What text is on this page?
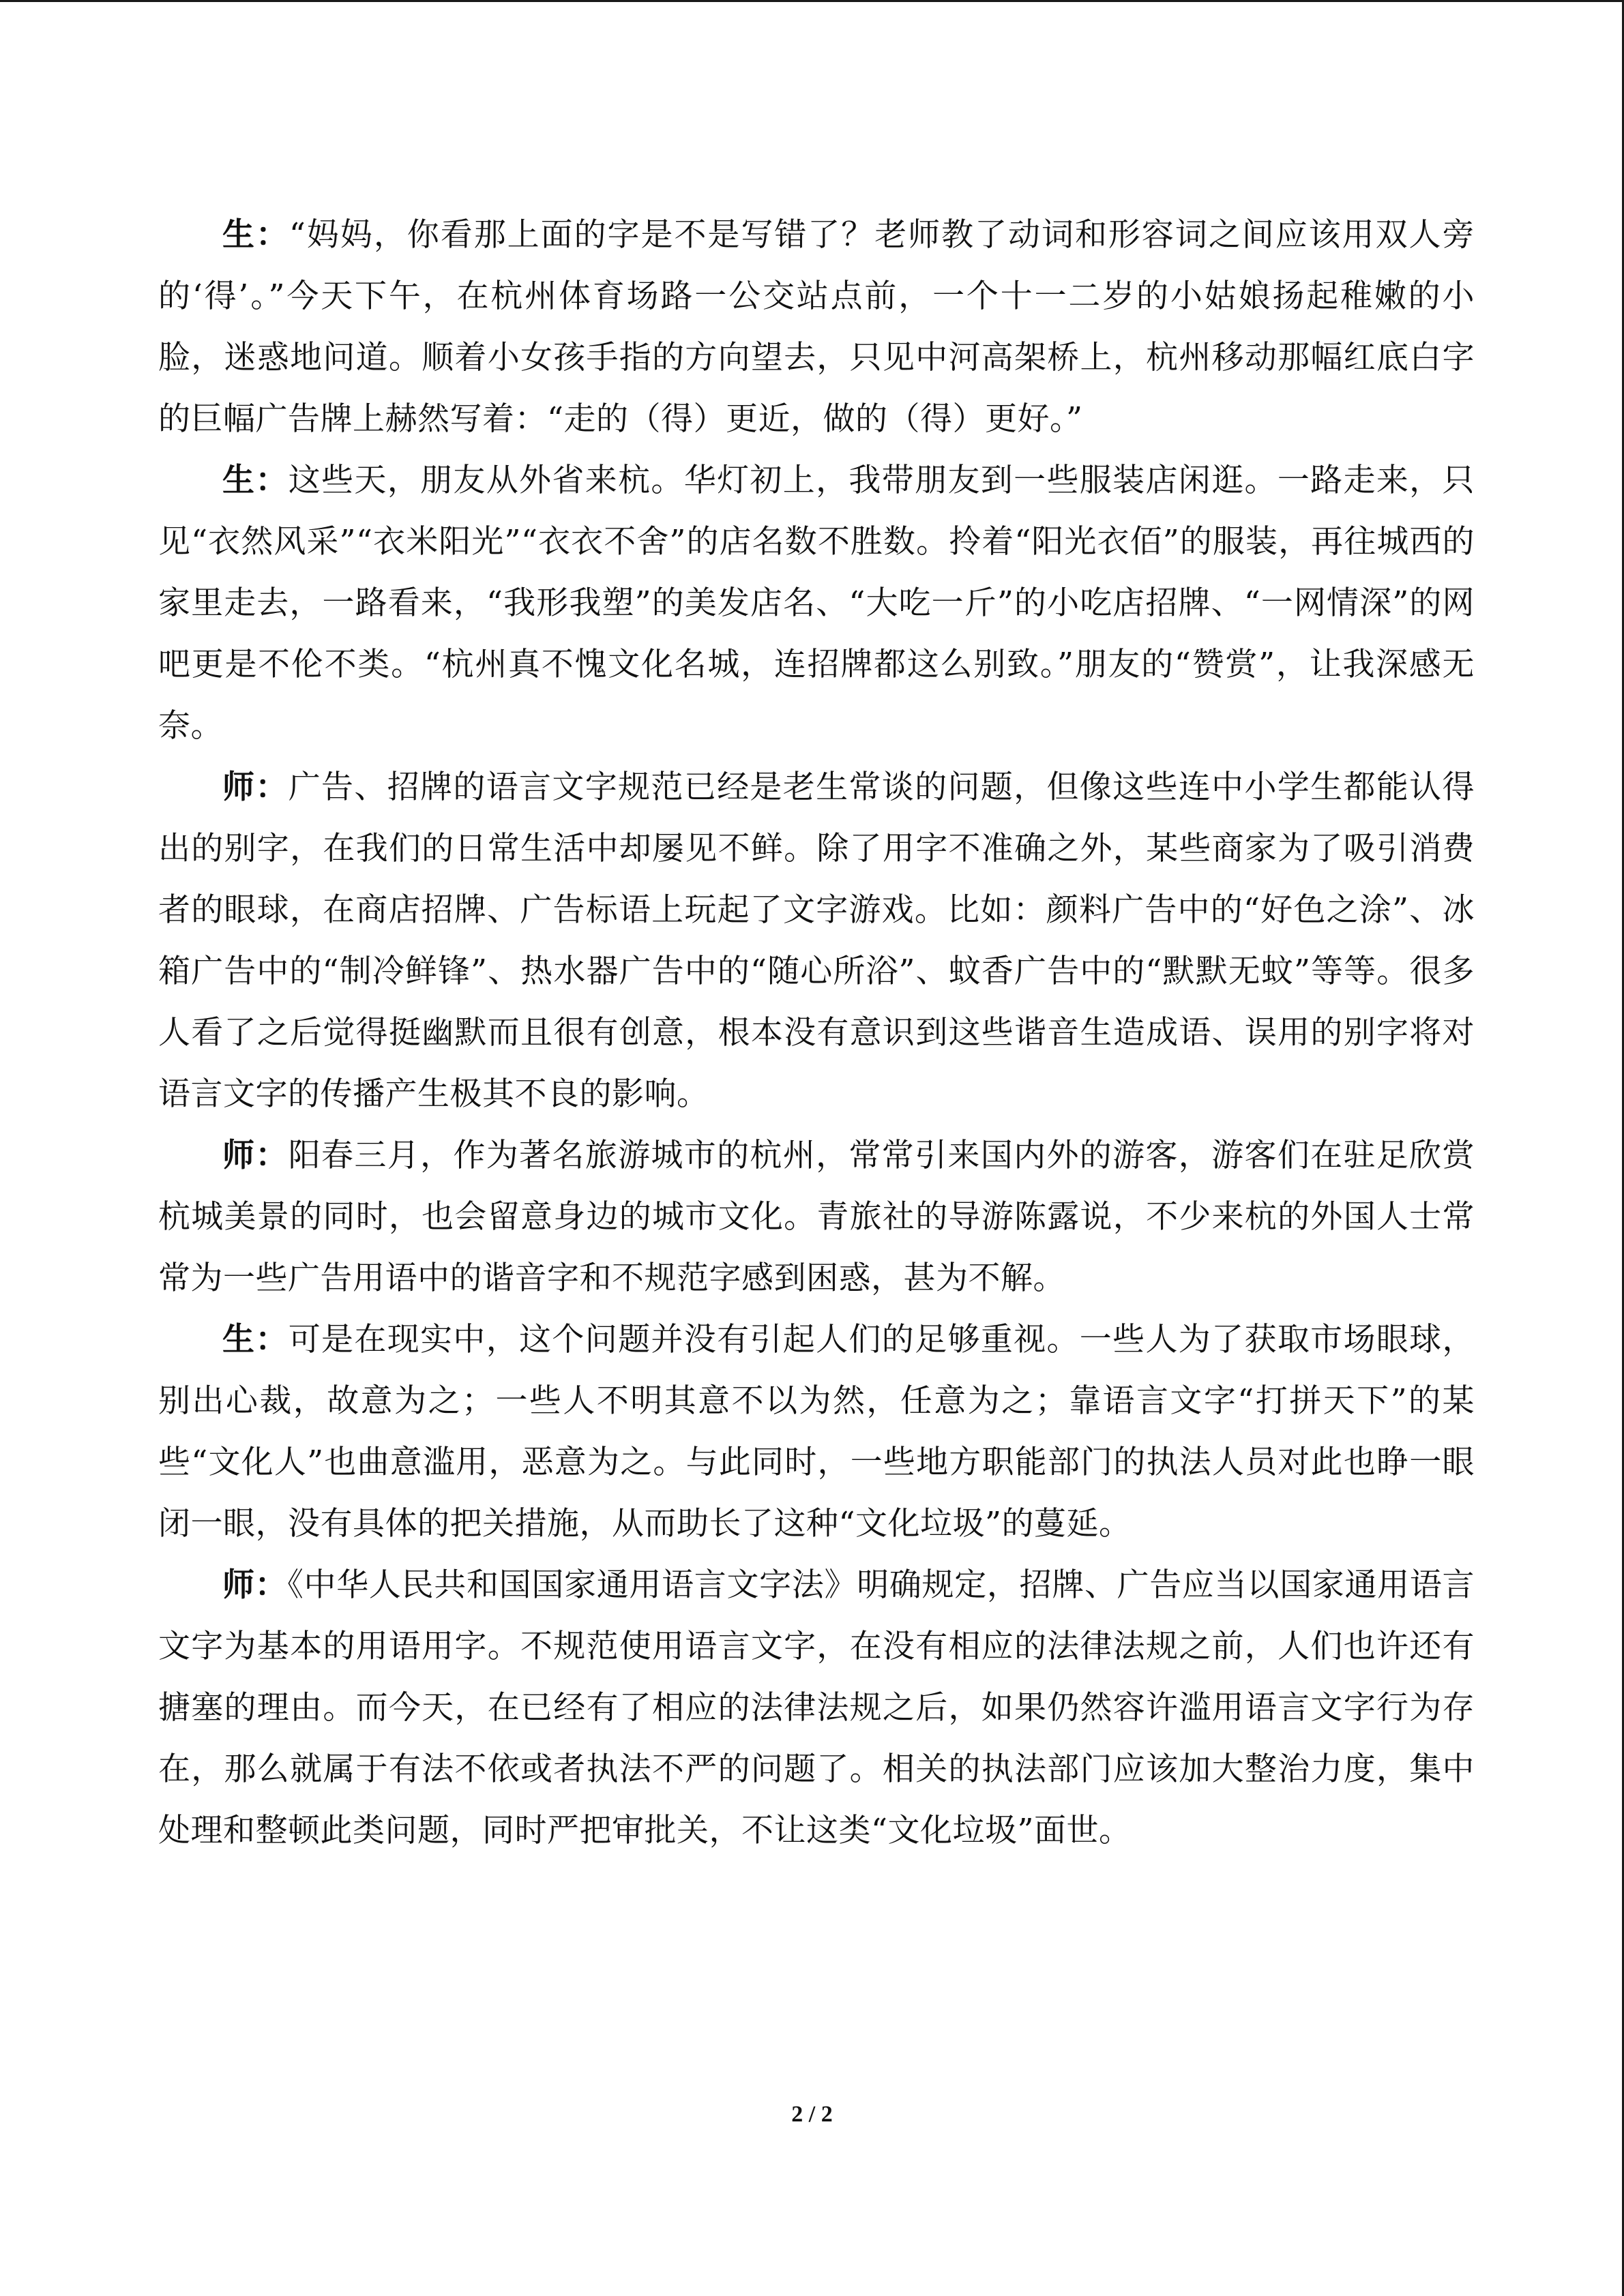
生：“妈妈，你看那上面的字是不是写错了？老师教了动词和形容词之间应该用双人旁的‘得’。”今天下午，在杭州体育场路一公交站点前，一个十一二岁的小姑娘扬起稚嫩的小脸，迷惑地问道。顺着小女孩手指的方向望去，只见中河高架桥上，杭州移动那幅红底白字的巨幅广告牌上赫然写着：“走的（得）更近，做的（得）更好。”

生：这些天，朋友从外省来杭。华灯初上，我带朋友到一些服装店闲逛。一路走来，只见“衣然风采”“衣米阳光”“衣衣不舍”的店名数不胜数。拎着“阳光衣佰”的服装，再往城西的家里走去，一路看来，“我形我塑”的美发店名、“大吃一斤”的小吃店招牌、“一网情深”的网吧更是不伦不类。“杭州真不愧文化名城，连招牌都这么别致。”朋友的“赞赏”，让我深感无奈。

师：广告、招牌的语言文字规范已经是老生常谈的问题，但像这些连中小学生都能认得出的别字，在我们的日常生活中却屡见不鲜。除了用字不准确之外，某些商家为了吸引消费者的眼球，在商店招牌、广告标语上玩起了文字游戏。比如：颜料广告中的“好色之涂”、冰箱广告中的“制冷鲜锋”、热水器广告中的“随心所浴”、蚊香广告中的“默默无蚊”等等。很多人看了之后觉得挺幽默而且很有创意，根本没有意识到这些谐音生造成语、误用的别字将对语言文字的传播产生极其不良的影响。

师：阳春三月，作为著名旅游城市的杭州，常常引来国内外的游客，游客们在驻足欣赏杭城美景的同时，也会留意身边的城市文化。青旅社的导游陈露说，不少来杭的外国人士常常为一些广告用语中的谐音字和不规范字感到困惑，甚为不解。

生：可是在现实中，这个问题并没有引起人们的足够重视。一些人为了获取市场眼球，别出心裁，故意为之；一些人不明其意不以为然，任意为之；靠语言文字“打拼天下”的某些“文化人”也曲意滥用，恶意为之。与此同时，一些地方职能部门的执法人员对此也睁一眼闭一眼，没有具体的把关措施，从而助长了这种“文化垃圾”的蔓延。

师：《中华人民共和国国家通用语言文字法》明确规定，招牌、广告应当以国家通用语言文字为基本的用语用字。不规范使用语言文字，在没有相应的法律法规之前，人们也许还有搪塞的理由。而今天，在已经有了相应的法律法规之后，如果仍然容许滥用语言文字行为存在，那么就属于有法不依或者执法不严的问题了。相关的执法部门应该加大整治力度，集中处理和整顿此类问题，同时严把审批关，不让这类“文化垃圾”面世。

2 / 2
